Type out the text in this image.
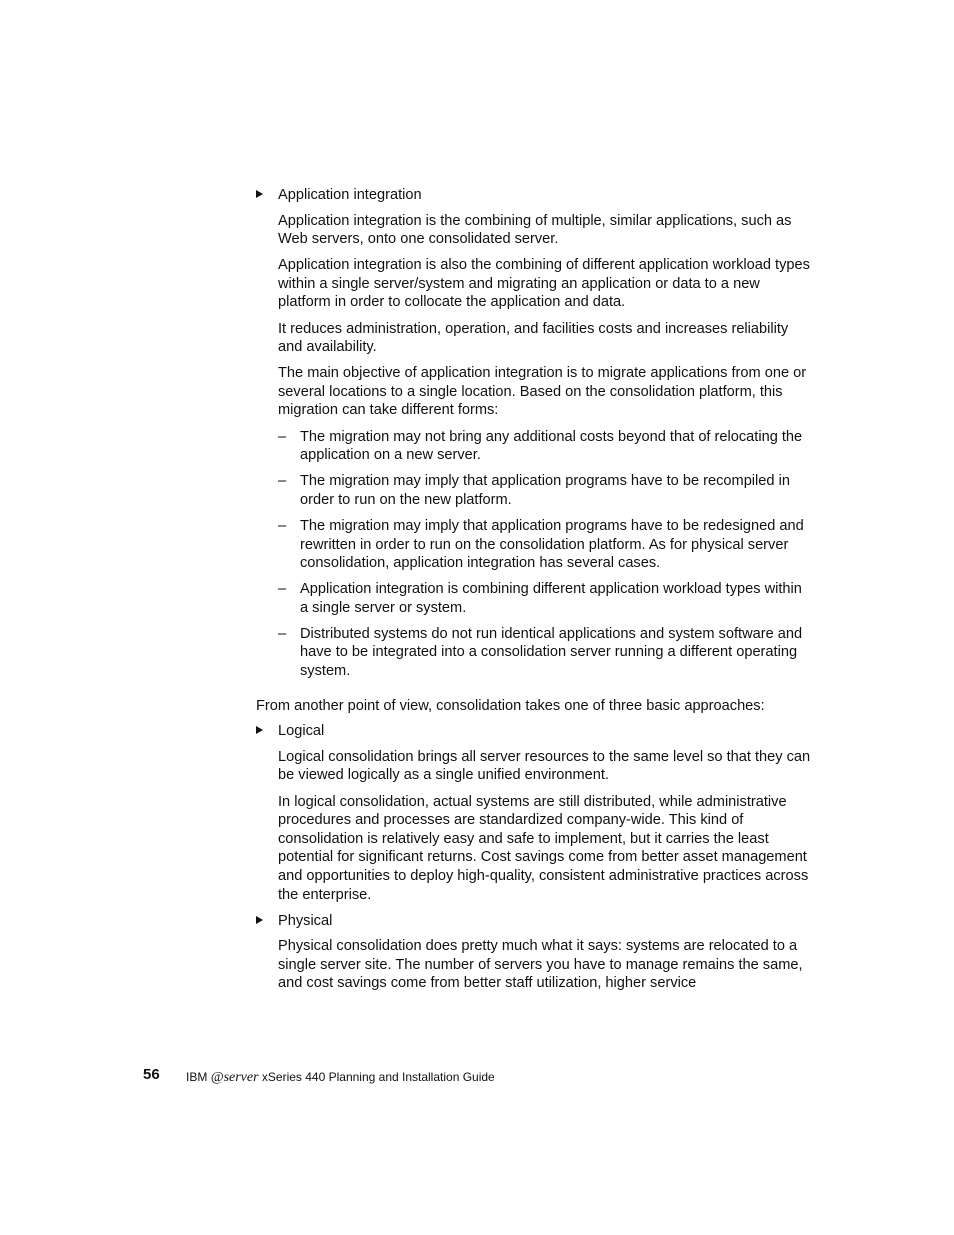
Application integration

Application integration is the combining of multiple, similar applications, such as Web servers, onto one consolidated server.

Application integration is also the combining of different application workload types within a single server/system and migrating an application or data to a new platform in order to collocate the application and data.

It reduces administration, operation, and facilities costs and increases reliability and availability.

The main objective of application integration is to migrate applications from one or several locations to a single location. Based on the consolidation platform, this migration can take different forms:

– The migration may not bring any additional costs beyond that of relocating the application on a new server.
– The migration may imply that application programs have to be recompiled in order to run on the new platform.
– The migration may imply that application programs have to be redesigned and rewritten in order to run on the consolidation platform. As for physical server consolidation, application integration has several cases.
– Application integration is combining different application workload types within a single server or system.
– Distributed systems do not run identical applications and system software and have to be integrated into a consolidation server running a different operating system.

From another point of view, consolidation takes one of three basic approaches:

Logical

Logical consolidation brings all server resources to the same level so that they can be viewed logically as a single unified environment.

In logical consolidation, actual systems are still distributed, while administrative procedures and processes are standardized company-wide. This kind of consolidation is relatively easy and safe to implement, but it carries the least potential for significant returns. Cost savings come from better asset management and opportunities to deploy high-quality, consistent administrative practices across the enterprise.

Physical

Physical consolidation does pretty much what it says: systems are relocated to a single server site. The number of servers you have to manage remains the same, and cost savings come from better staff utilization, higher service

56 IBM @server xSeries 440 Planning and Installation Guide
